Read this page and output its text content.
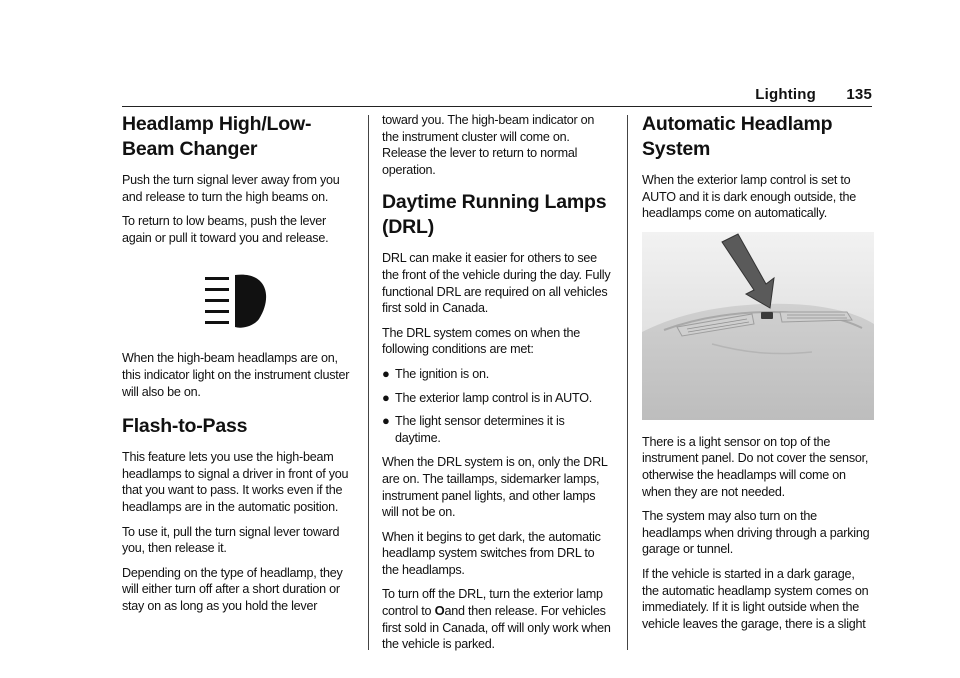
Lighting 135
Headlamp High/Low-Beam Changer

Push the turn signal lever away from you and release to turn the high beams on.

To return to low beams, push the lever again or pull it toward you and release.

When the high-beam headlamps are on, this indicator light on the instrument cluster will also be on.

Flash-to-Pass

This feature lets you use the high-beam headlamps to signal a driver in front of you that you want to pass. It works even if the headlamps are in the automatic position.

To use it, pull the turn signal lever toward you, then release it.

Depending on the type of headlamp, they will either turn off after a short duration or stay on as long as you hold the lever

toward you. The high-beam indicator on the instrument cluster will come on. Release the lever to return to normal operation.

Daytime Running Lamps (DRL)

DRL can make it easier for others to see the front of the vehicle during the day. Fully functional DRL are required on all vehicles first sold in Canada.

The DRL system comes on when the following conditions are met:

● The ignition is on.
● The exterior lamp control is in AUTO.
● The light sensor determines it is daytime.

When the DRL system is on, only the DRL are on. The taillamps, sidemarker lamps, instrument panel lights, and other lamps will not be on.

When it begins to get dark, the automatic headlamp system switches from DRL to the headlamps.

To turn off the DRL, turn the exterior lamp control to Oand then release. For vehicles first sold in Canada, off will only work when the vehicle is parked.

Automatic Headlamp System

When the exterior lamp control is set to AUTO and it is dark enough outside, the headlamps come on automatically.

There is a light sensor on top of the instrument panel. Do not cover the sensor, otherwise the headlamps will come on when they are not needed.

The system may also turn on the headlamps when driving through a parking garage or tunnel.

If the vehicle is started in a dark garage, the automatic headlamp system comes on immediately. If it is light outside when the vehicle leaves the garage, there is a slight
